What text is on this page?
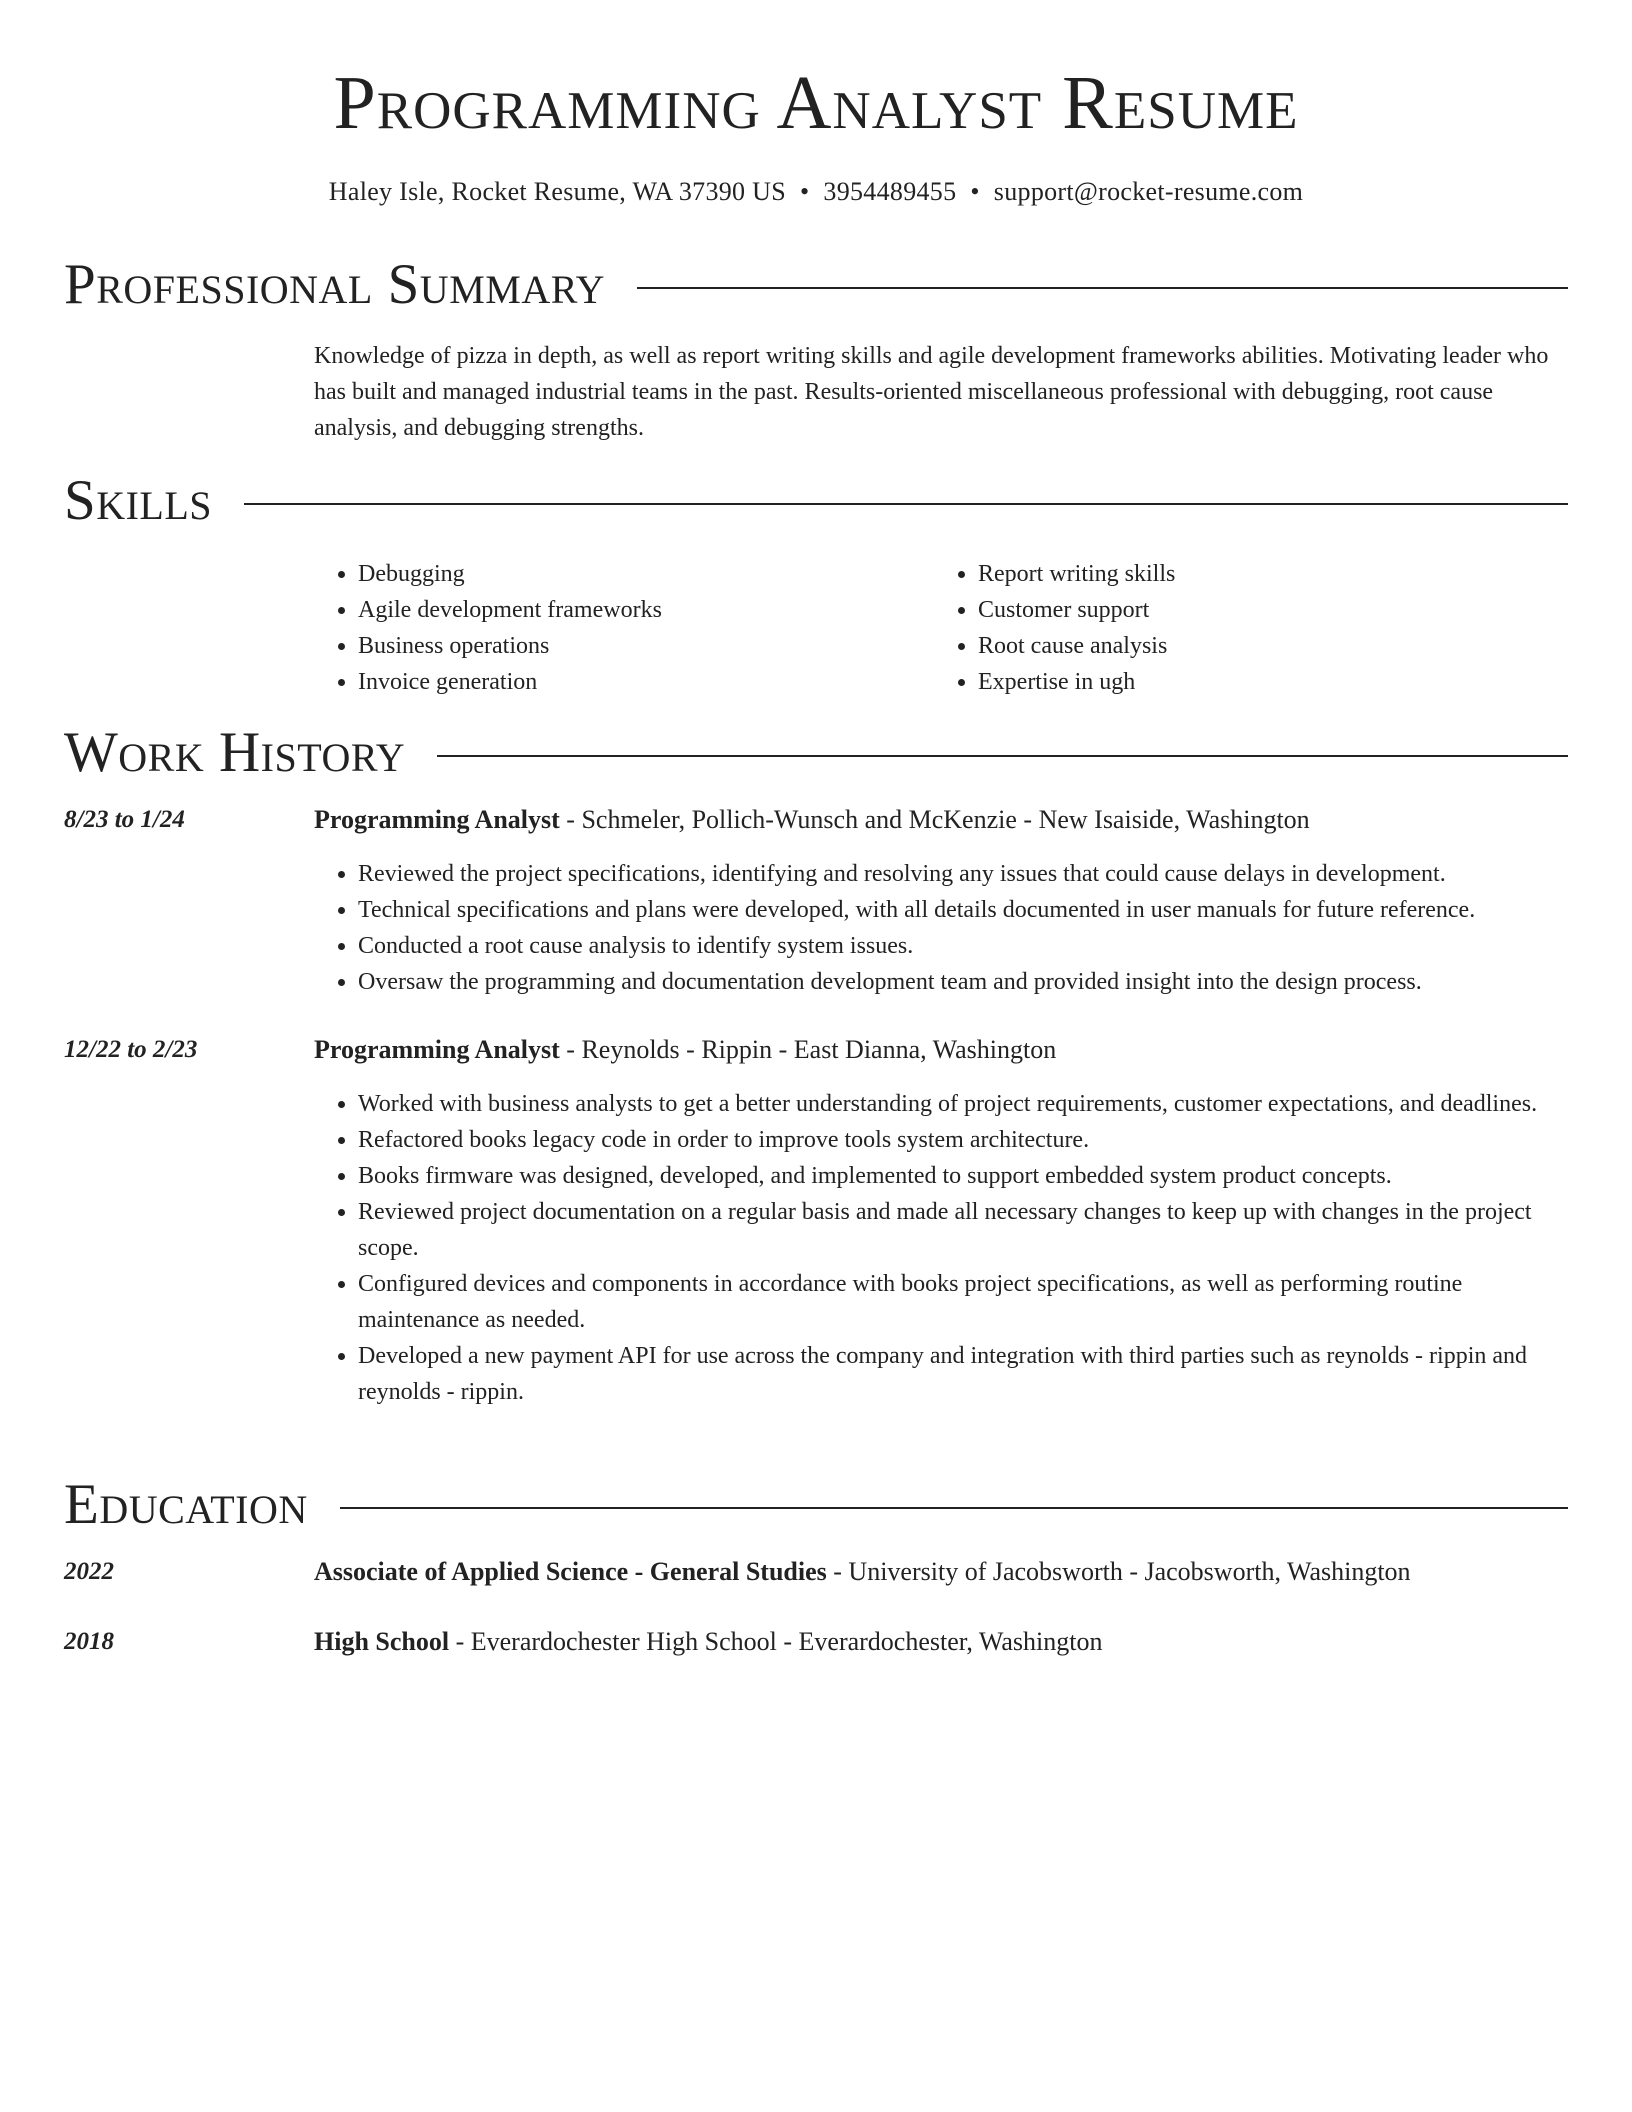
Programming Analyst Resume
Haley Isle, Rocket Resume, WA 37390 US • 3954489455 • support@rocket-resume.com
Professional Summary

Knowledge of pizza in depth, as well as report writing skills and agile development frameworks abilities. Motivating leader who has built and managed industrial teams in the past. Results-oriented miscellaneous professional with debugging, root cause analysis, and debugging strengths.

Skills
• Debugging
• Agile development frameworks
• Business operations
• Invoice generation
• Report writing skills
• Customer support
• Root cause analysis
• Expertise in ugh
Work History
8/23 to 1/24	Programming Analyst - Schmeler, Pollich-Wunsch and McKenzie - New Isaiside, Washington
• Reviewed the project specifications, identifying and resolving any issues that could cause delays in development.
• Technical specifications and plans were developed, with all details documented in user manuals for future reference.
• Conducted a root cause analysis to identify system issues.
• Oversaw the programming and documentation development team and provided insight into the design process.
12/22 to 2/23	Programming Analyst - Reynolds - Rippin - East Dianna, Washington
• Worked with business analysts to get a better understanding of project requirements, customer expectations, and deadlines.
• Refactored books legacy code in order to improve tools system architecture.
• Books firmware was designed, developed, and implemented to support embedded system product concepts.
• Reviewed project documentation on a regular basis and made all necessary changes to keep up with changes in the project scope.
• Configured devices and components in accordance with books project specifications, as well as performing routine maintenance as needed.
• Developed a new payment API for use across the company and integration with third parties such as reynolds - rippin and reynolds - rippin.
Education
2022	Associate of Applied Science - General Studies - University of Jacobsworth - Jacobsworth, Washington
2018	High School - Everardochester High School - Everardochester, Washington
